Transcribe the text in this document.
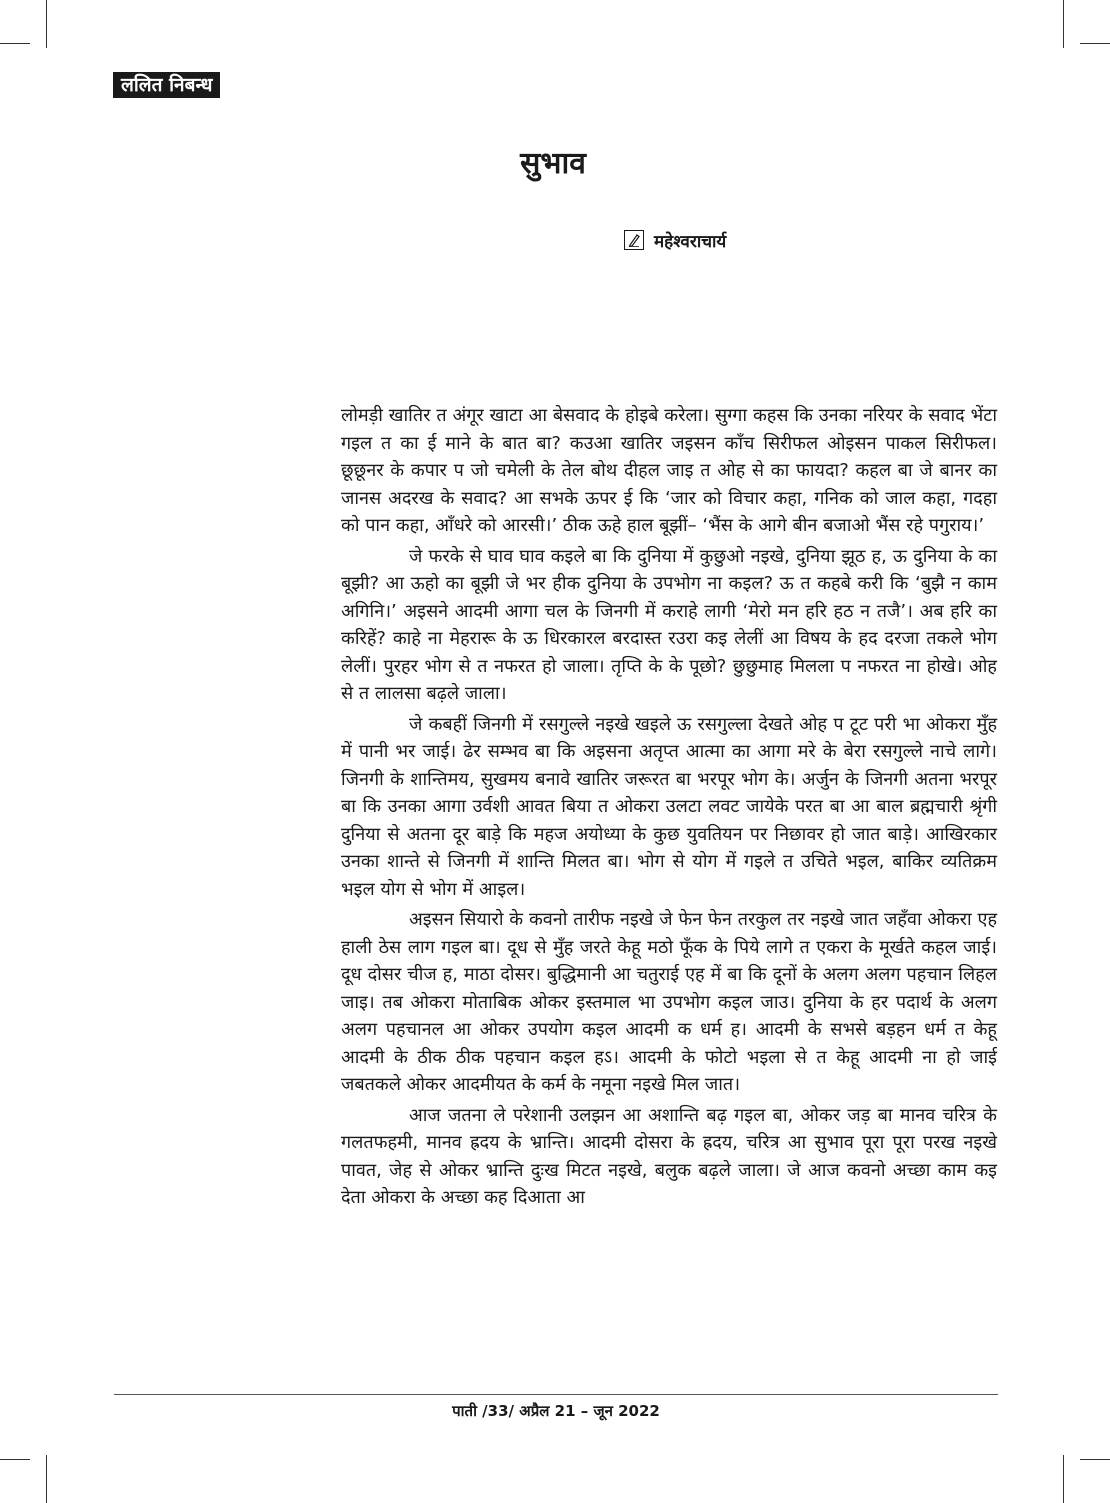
ललित निबन्ध
सुभाव
महेश्वराचार्य

लोमड़ी खातिर त अंगूर खाटा आ बेसवाद के होइबे करेला। सुग्गा कहस कि उनका नरियर के सवाद भेंटा गइल त का ई माने के बात बा? कउआ खातिर जइसन काँच सिरीफल ओइसन पाकल सिरीफल। छूछूनर के कपार प जो चमेली के तेल बोथ दीहल जाइ त ओह से का फायदा? कहल बा जे बानर का जानस अदरख के सवाद? आ सभके ऊपर ई कि ‘जार को विचार कहा, गनिक को जाल कहा, गदहा को पान कहा, आँधरे को आरसी।’ ठीक ऊहे हाल बूझीं– ‘भैंस के आगे बीन बजाओ भैंस रहे पगुराय।’

जे फरके से घाव घाव कइले बा कि दुनिया में कुछुओ नइखे, दुनिया झूठ ह, ऊ दुनिया के का बूझी? आ ऊहो का बूझी जे भर हीक दुनिया के उपभोग ना कइल? ऊ त कहबे करी कि ‘बुझै न काम अगिनि।’ अइसने आदमी आगा चल के जिनगी में कराहे लागी ‘मेरो मन हरि हठ न तजै’। अब हरि का करिहें? काहे ना मेहरारू के ऊ धिरकारल बरदास्त रउरा कइ लेलीं आ विषय के हद दरजा तकले भोग लेलीं। पुरहर भोग से त नफरत हो जाला। तृप्ति के के पूछो? छुछुमाह मिलला प नफरत ना होखे। ओह से त लालसा बढ़ले जाला।

जे कबहीं जिनगी में रसगुल्ले नइखे खइले ऊ रसगुल्ला देखते ओह प टूट परी भा ओकरा मुँह में पानी भर जाई। ढेर सम्भव बा कि अइसना अतृप्त आत्मा का आगा मरे के बेरा रसगुल्ले नाचे लागे। जिनगी के शान्तिमय, सुखमय बनावे खातिर जरूरत बा भरपूर भोग के। अर्जुन के जिनगी अतना भरपूर बा कि उनका आगा उर्वशी आवत बिया त ओकरा उलटा लवट जायेके परत बा आ बाल ब्रह्मचारी श्रृंगी दुनिया से अतना दूर बाड़े कि महज अयोध्या के कुछ युवतियन पर निछावर हो जात बाड़े। आखिरकार उनका शान्ते से जिनगी में शान्ति मिलत बा। भोग से योग में गइले त उचिते भइल, बाकिर व्यतिक्रम भइल योग से भोग में आइल।

अइसन सियारो के कवनो तारीफ नइखे जे फेन फेन तरकुल तर नइखे जात जहँवा ओकरा एह हाली ठेस लाग गइल बा। दूध से मुँह जरते केहू मठो फूँक के पिये लागे त एकरा के मूर्खते कहल जाई। दूध दोसर चीज ह, माठा दोसर। बुद्धिमानी आ चतुराई एह में बा कि दूनों के अलग अलग पहचान लिहल जाइ। तब ओकरा मोताबिक ओकर इस्तमाल भा उपभोग कइल जाउ। दुनिया के हर पदार्थ के अलग अलग पहचानल आ ओकर उपयोग कइल आदमी क धर्म ह। आदमी के सभसे बड़हन धर्म त केहू आदमी के ठीक ठीक पहचान कइल हऽ। आदमी के फोटो भइला से त केहू आदमी ना हो जाई जबतकले ओकर आदमीयत के कर्म के नमूना नइखे मिल जात।

आज जतना ले परेशानी उलझन आ अशान्ति बढ़ गइल बा, ओकर जड़ बा मानव चरित्र के गलतफहमी, मानव ह्रदय के भ्रान्ति। आदमी दोसरा के ह्रदय, चरित्र आ सुभाव पूरा पूरा परख नइखे पावत, जेह से ओकर भ्रान्ति दुःख मिटत नइखे, बलुक बढ़ले जाला। जे आज कवनो अच्छा काम कइ देता ओकरा के अच्छा कह दिआता आ

पाती /33/ अप्रैल 21 – जून 2022
